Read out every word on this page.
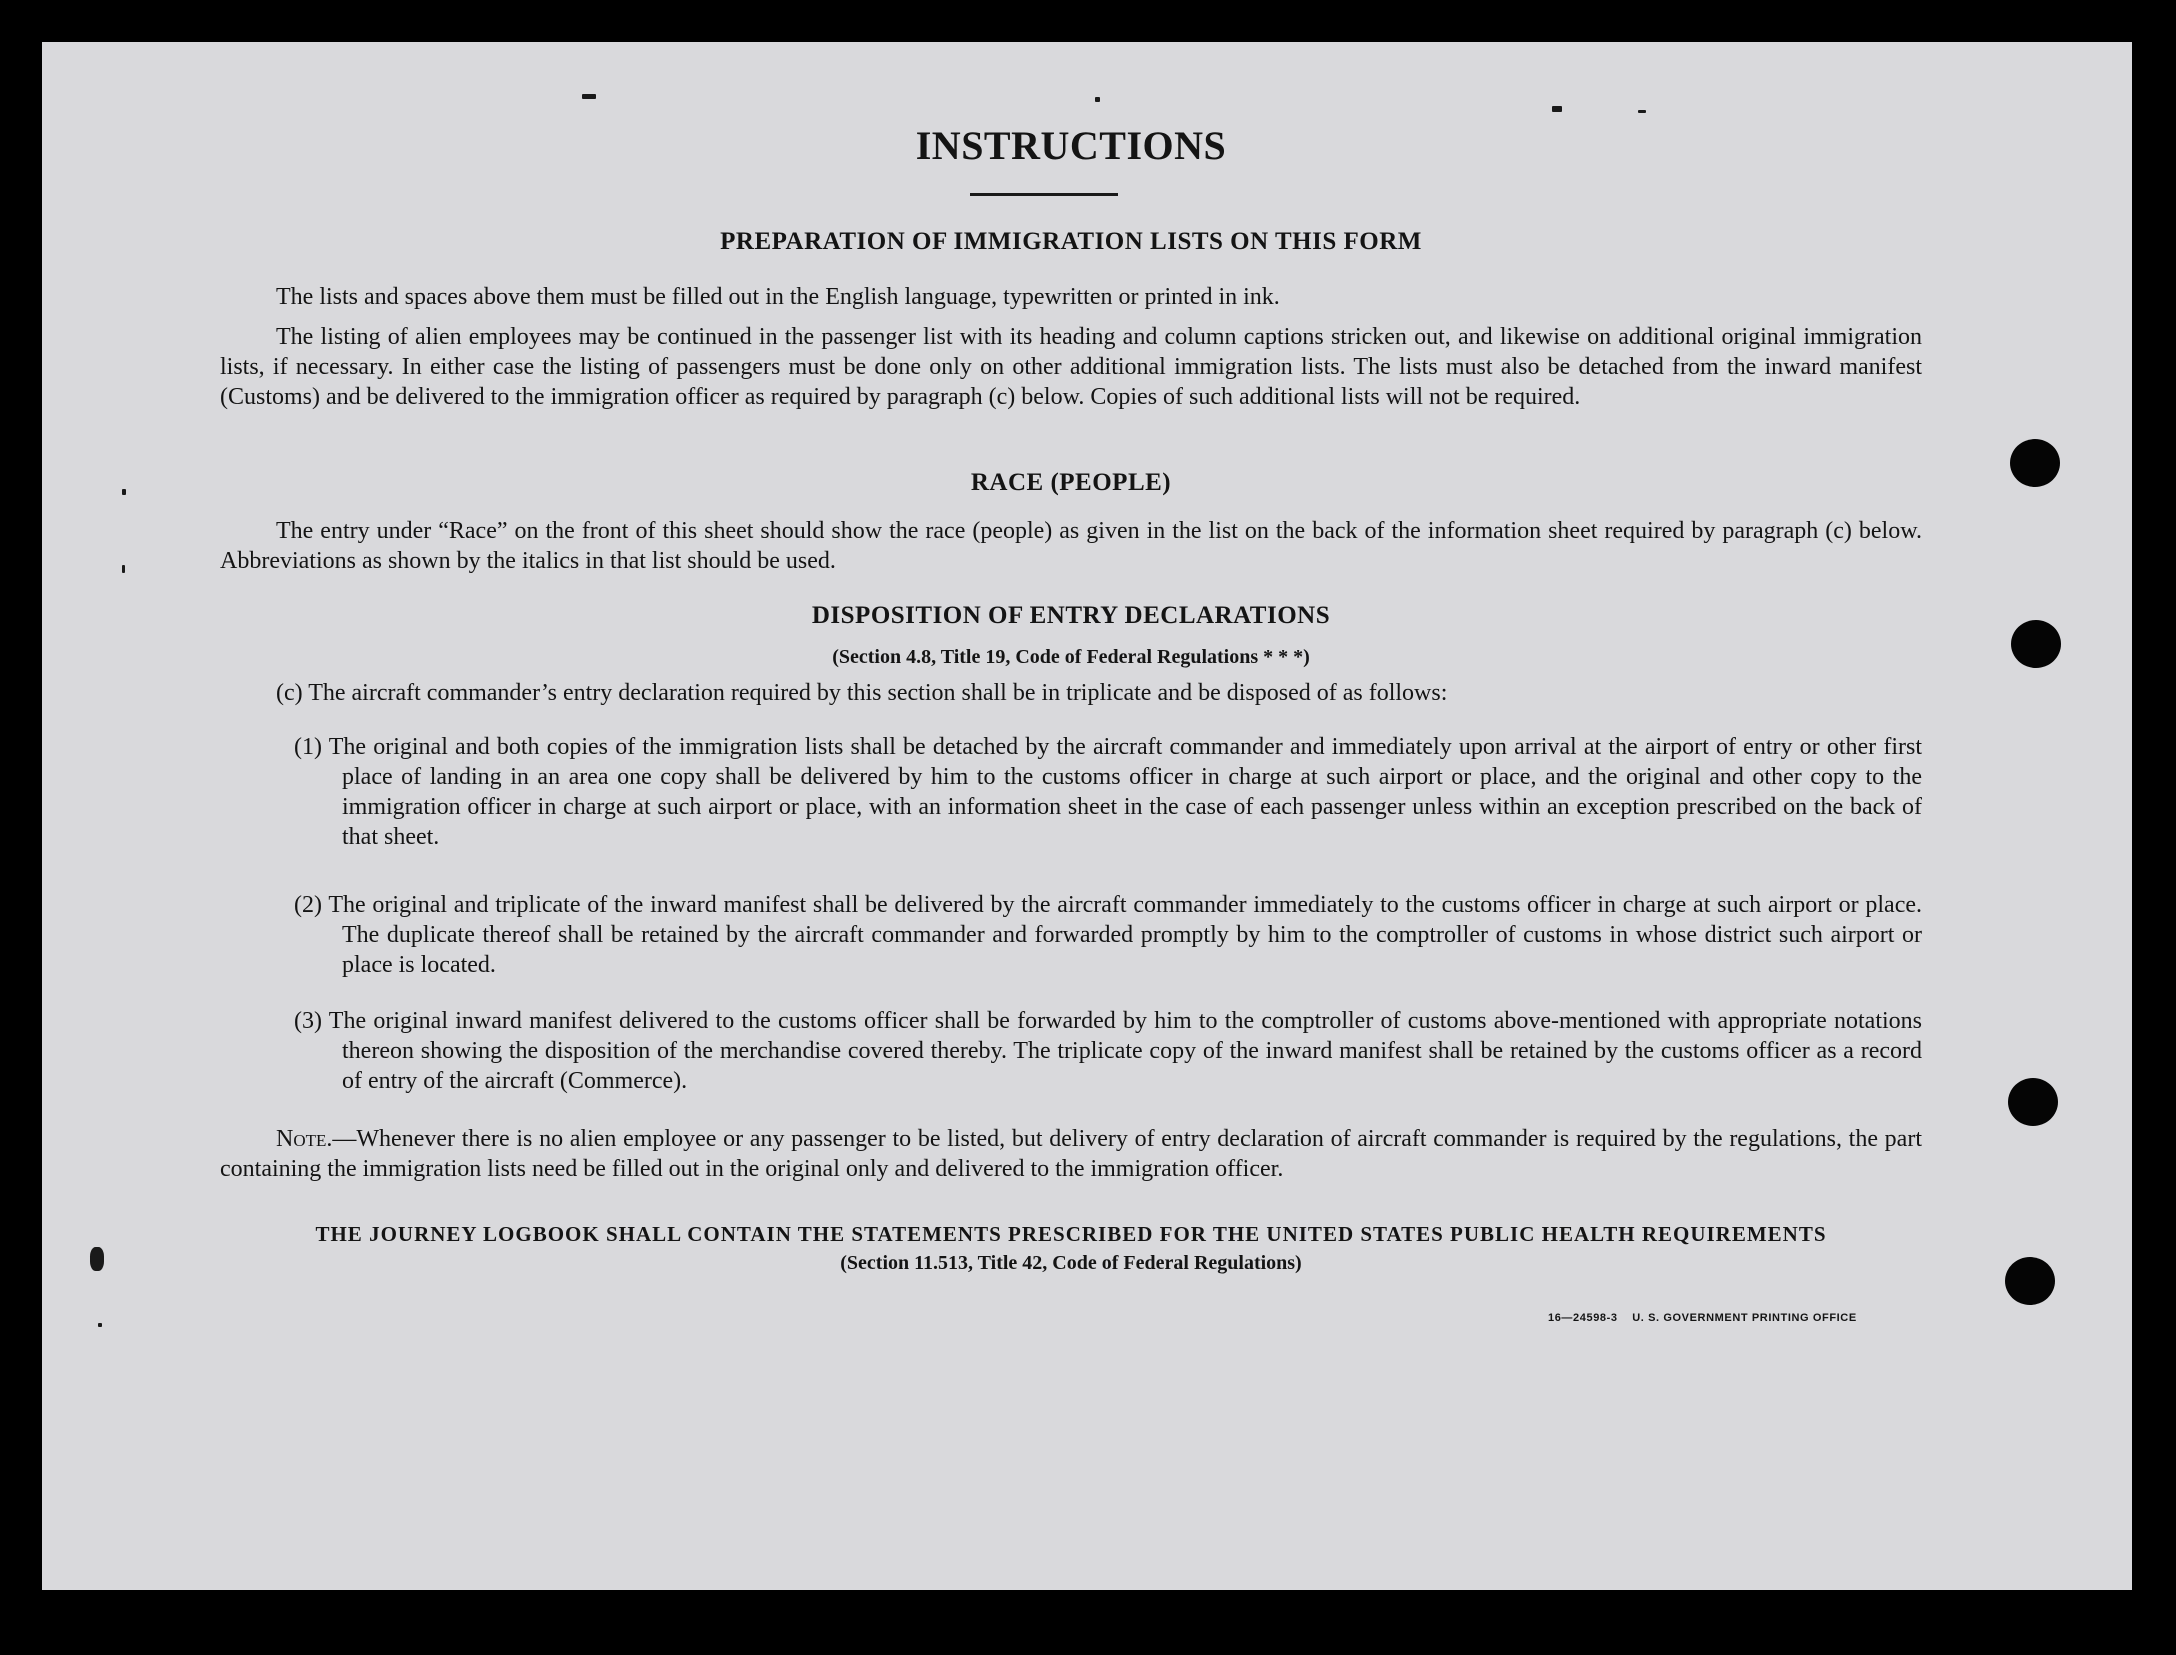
INSTRUCTIONS
PREPARATION OF IMMIGRATION LISTS ON THIS FORM

The lists and spaces above them must be filled out in the English language, typewritten or printed in ink.

The listing of alien employees may be continued in the passenger list with its heading and column captions stricken out, and likewise on additional original immigration lists, if necessary. In either case the listing of passengers must be done only on other additional immigration lists. The lists must also be detached from the inward manifest (Customs) and be delivered to the immigration officer as required by paragraph (c) below. Copies of such additional lists will not be required.

RACE (PEOPLE)

The entry under “Race” on the front of this sheet should show the race (people) as given in the list on the back of the information sheet required by paragraph (c) below. Abbreviations as shown by the italics in that list should be used.

DISPOSITION OF ENTRY DECLARATIONS

(Section 4.8, Title 19, Code of Federal Regulations * * *)

(c) The aircraft commander’s entry declaration required by this section shall be in triplicate and be disposed of as follows:

(1) The original and both copies of the immigration lists shall be detached by the aircraft commander and immediately upon arrival at the airport of entry or other first place of landing in an area one copy shall be delivered by him to the customs officer in charge at such airport or place, and the original and other copy to the immigration officer in charge at such airport or place, with an information sheet in the case of each passenger unless within an exception prescribed on the back of that sheet.

(2) The original and triplicate of the inward manifest shall be delivered by the aircraft commander immediately to the customs officer in charge at such airport or place. The duplicate thereof shall be retained by the aircraft commander and forwarded promptly by him to the comptroller of customs in whose district such airport or place is located.

(3) The original inward manifest delivered to the customs officer shall be forwarded by him to the comptroller of customs above-mentioned with appropriate notations thereon showing the disposition of the merchandise covered thereby. The triplicate copy of the inward manifest shall be retained by the customs officer as a record of entry of the aircraft (Commerce).

Note.—Whenever there is no alien employee or any passenger to be listed, but delivery of entry declaration of aircraft commander is required by the regulations, the part containing the immigration lists need be filled out in the original only and delivered to the immigration officer.

THE JOURNEY LOGBOOK SHALL CONTAIN THE STATEMENTS PRESCRIBED FOR THE UNITED STATES PUBLIC HEALTH REQUIREMENTS

(Section 11.513, Title 42, Code of Federal Regulations)

16—24598-3 U. S. GOVERNMENT PRINTING OFFICE
